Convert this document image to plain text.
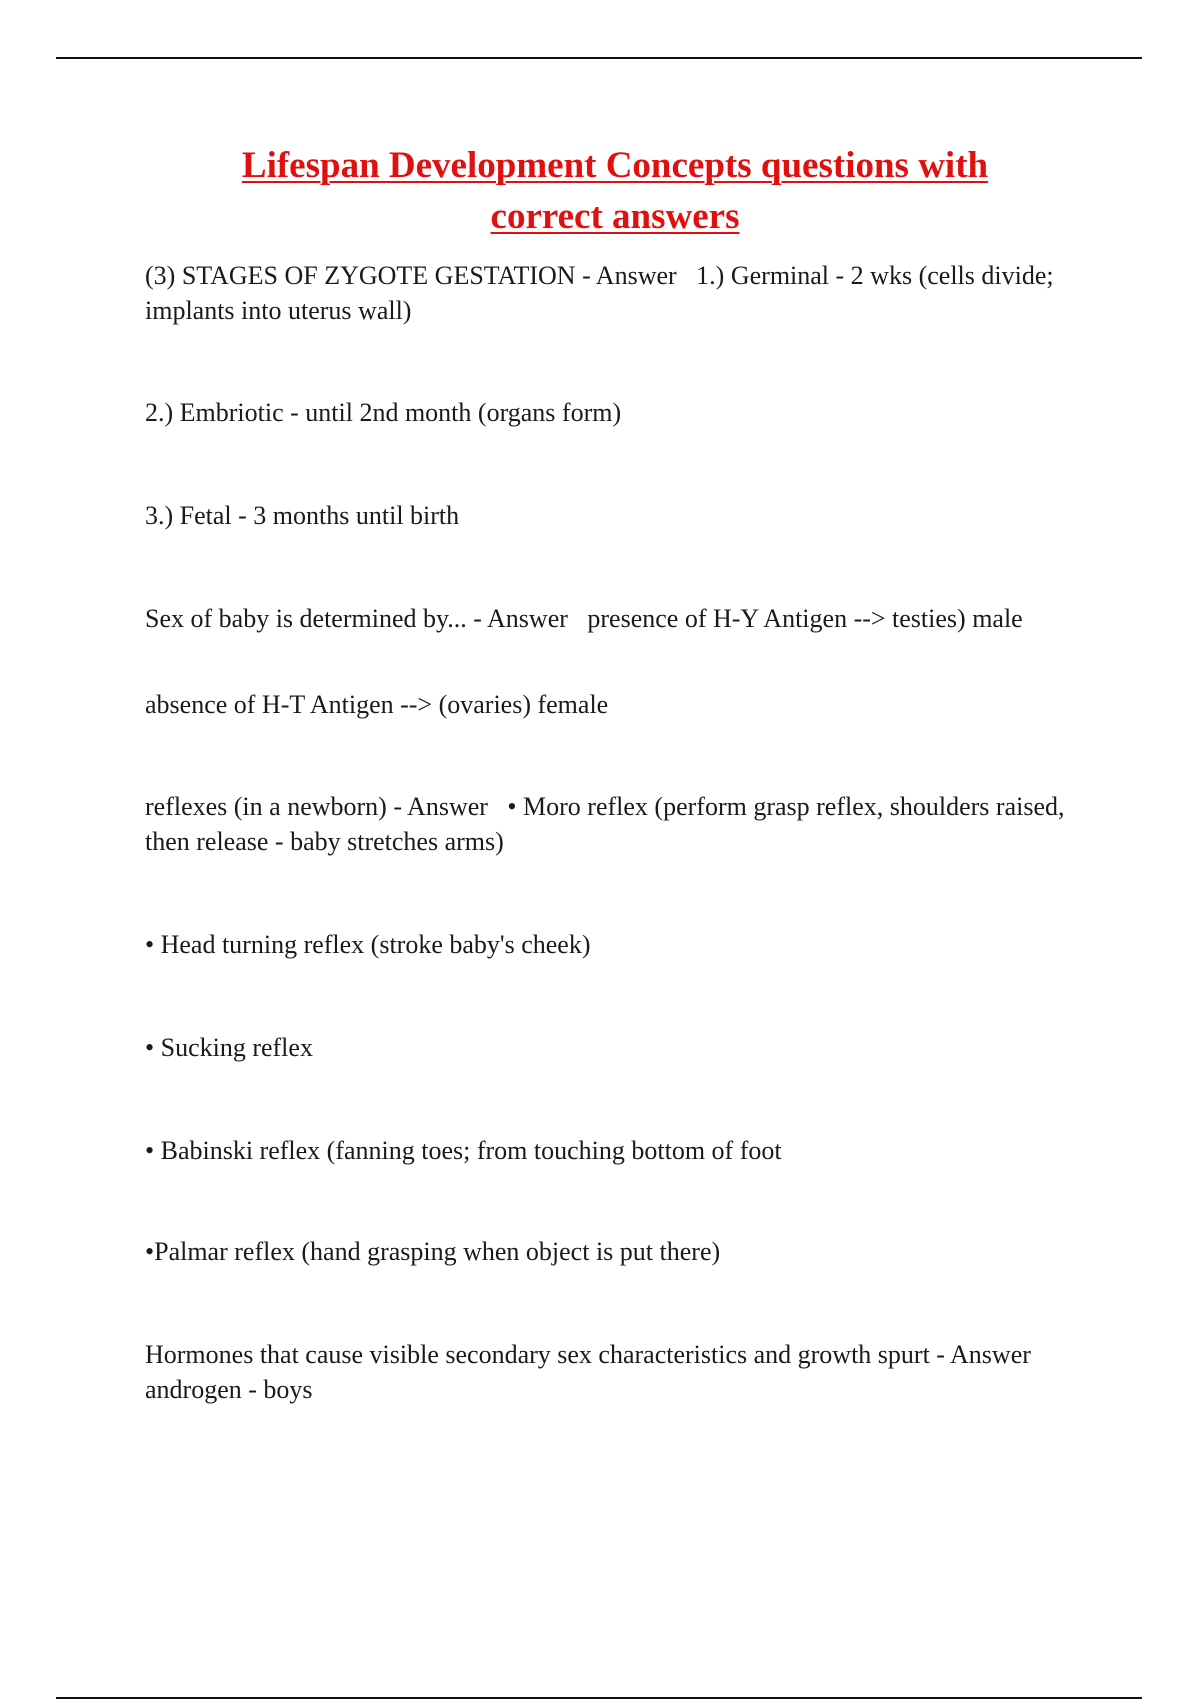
Lifespan Development Concepts questions with
correct answers
(3) STAGES OF ZYGOTE GESTATION - Answer   1.) Germinal - 2 wks (cells divide; implants into uterus wall)
2.) Embriotic - until 2nd month (organs form)
3.) Fetal - 3 months until birth
Sex of baby is determined by... - Answer   presence of H-Y Antigen --> testies) male
absence of H-T Antigen --> (ovaries) female
reflexes (in a newborn) - Answer   • Moro reflex (perform grasp reflex, shoulders raised, then release - baby stretches arms)
• Head turning reflex (stroke baby's cheek)
• Sucking reflex
• Babinski reflex (fanning toes; from touching bottom of foot
•Palmar reflex (hand grasping when object is put there)
Hormones that cause visible secondary sex characteristics and growth spurt - Answer   androgen - boys
